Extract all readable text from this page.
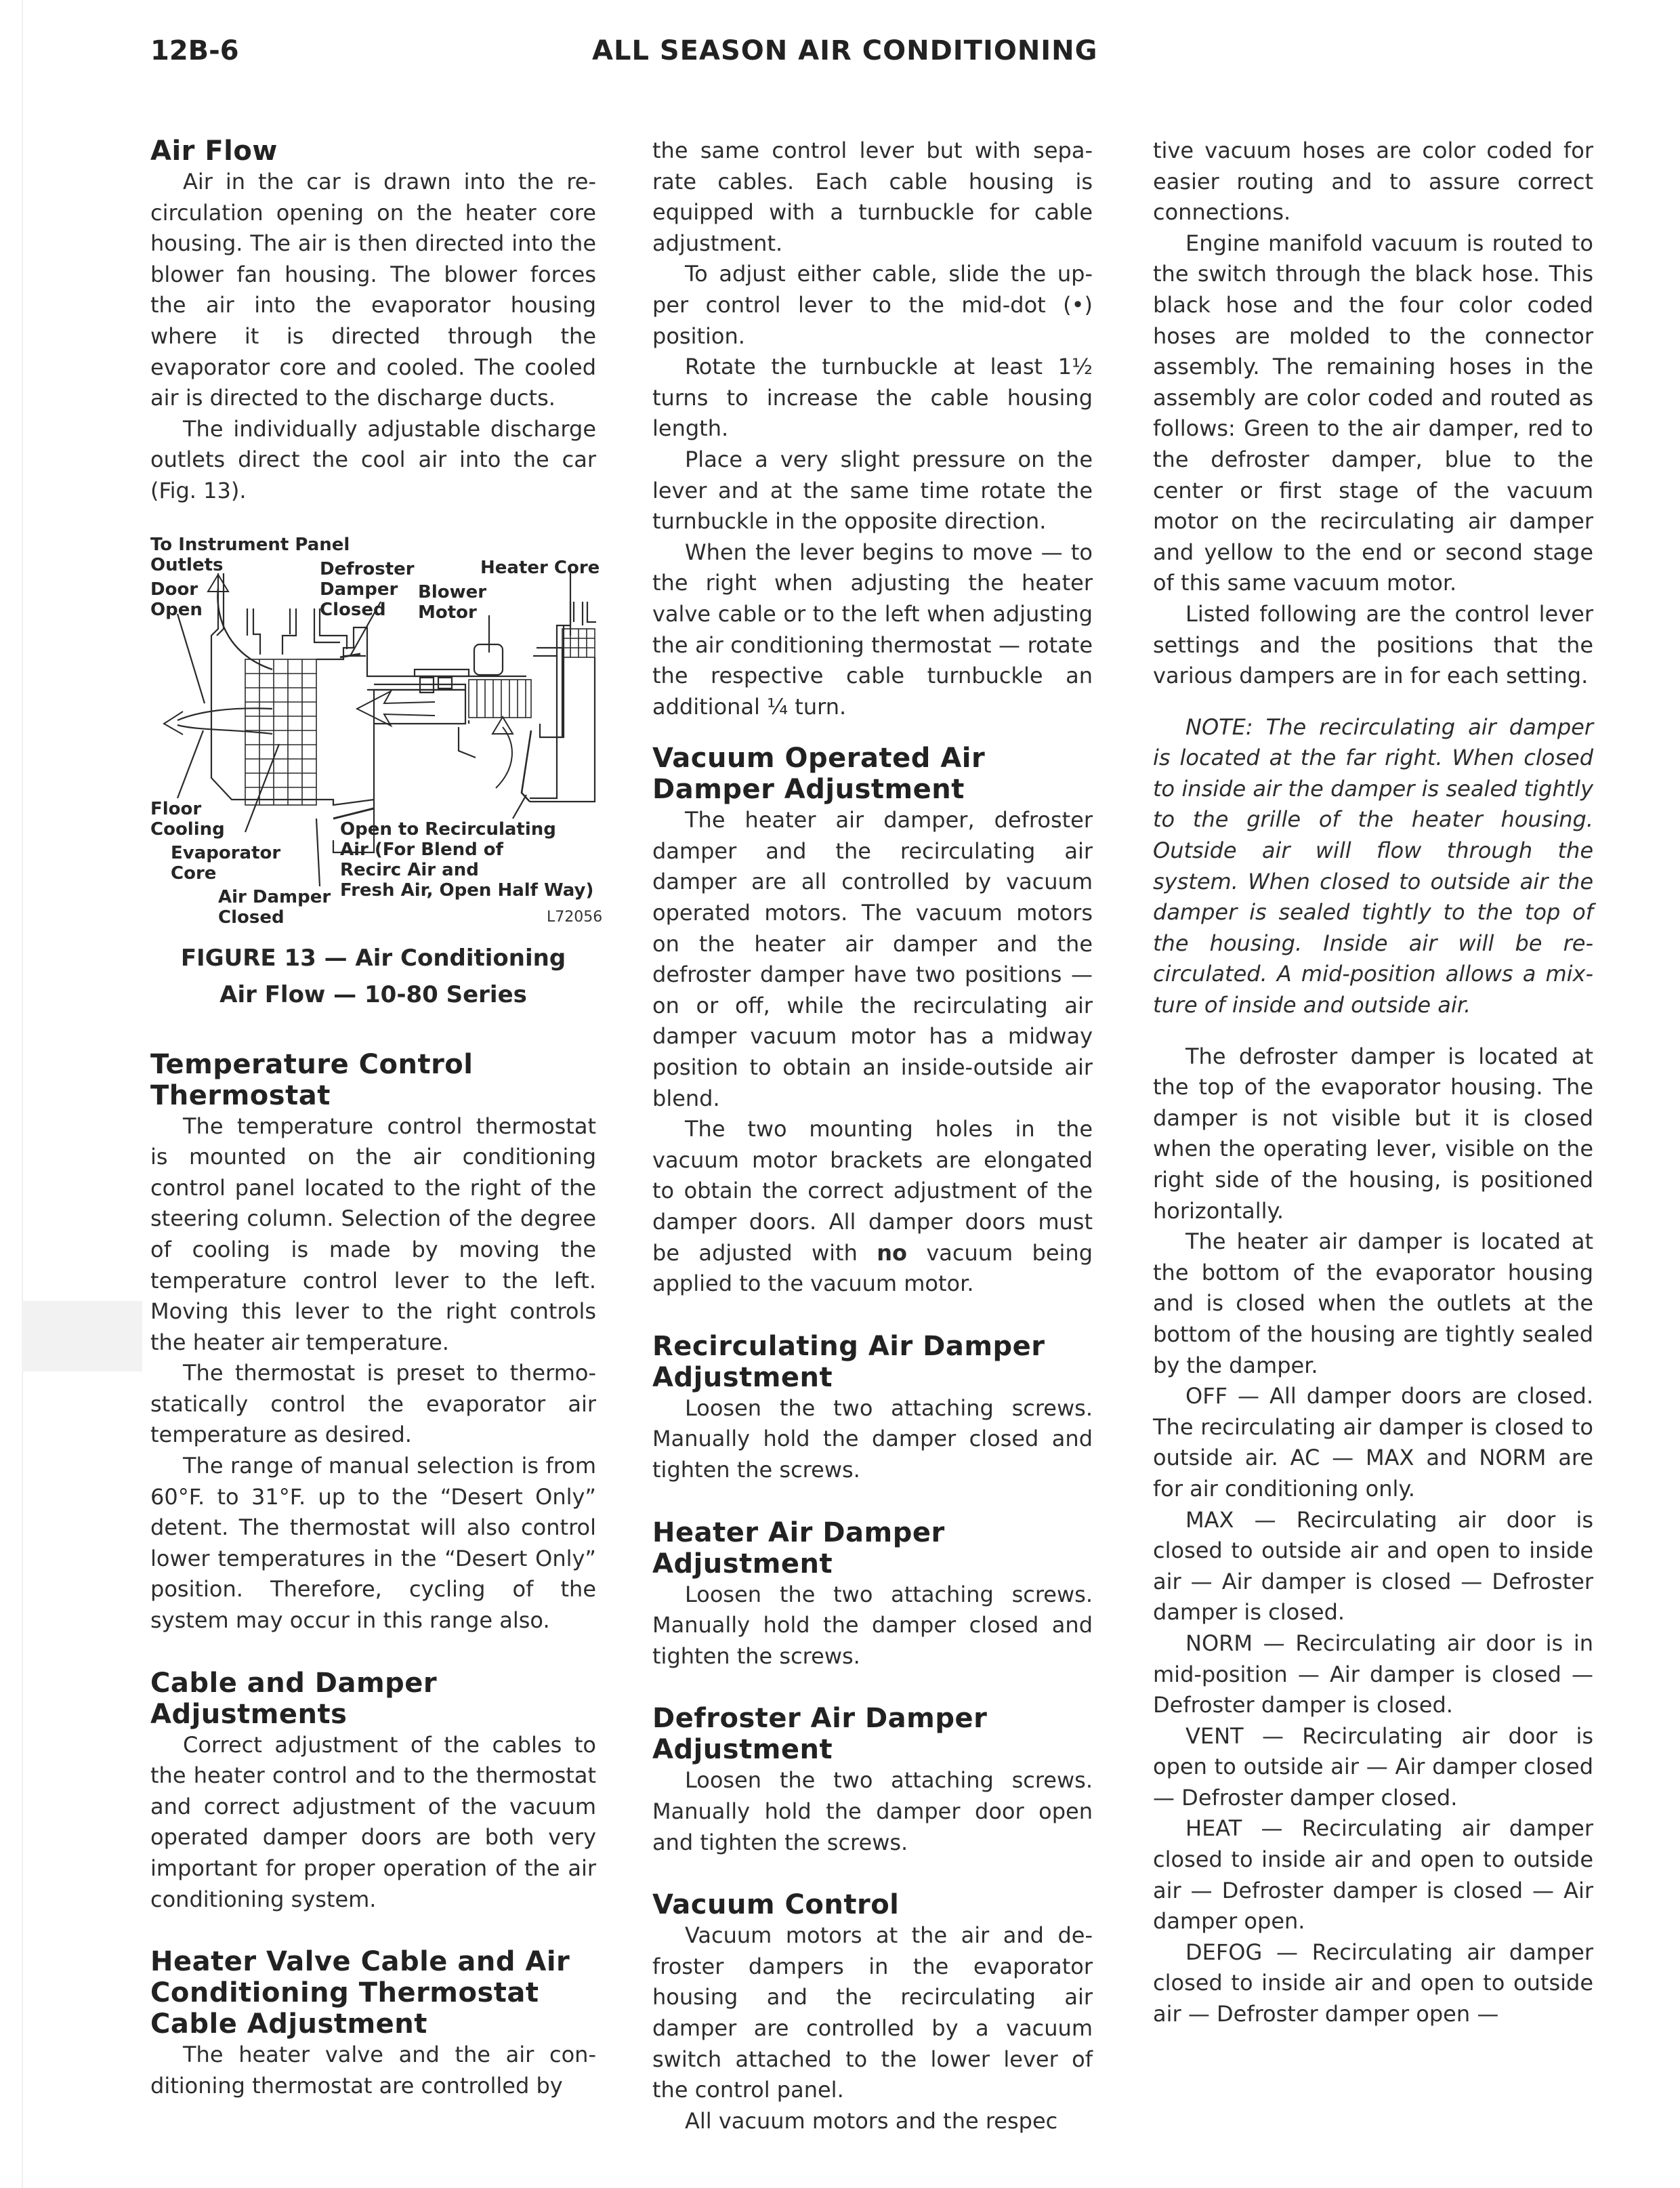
12B-6	ALL SEASON AIR CONDITIONING
Air Flow

Air in the car is drawn into the recirculation opening on the heater core housing. The air is then directed into the blower fan housing. The blower forces the air into the evaporator housing where it is directed through the evaporator core and cooled. The cooled air is directed to the discharge ducts.

The individually adjustable discharge outlets direct the cool air into the car (Fig. 13).

To Instrument Panel
Outlets	Defroster
Damper
Closed
Heater Core
Blower
Motor
Door
Open
Floor
Cooling
Evaporator
Core
Air Damper
Closed
Open to Recirculating
Air (For Blend of
Recirc Air and
Fresh Air, Open Half Way)
L72056
FIGURE 13 — Air Conditioning
Air Flow — 10-80 Series
Temperature Control Thermostat

The temperature control thermostat is mounted on the air conditioning control panel located to the right of the steering column. Selection of the degree of cooling is made by moving the temperature control lever to the left. Moving this lever to the right controls the heater air temperature.

The thermostat is preset to thermostatically control the evaporator air temperature as desired.

The range of manual selection is from 60°F. to 31°F. up to the “Desert Only” detent. The thermostat will also control lower temperatures in the “Desert Only” position. Therefore, cycling of the system may occur in this range also.

Cable and Damper Adjustments

Correct adjustment of the cables to the heater control and to the thermostat and correct adjustment of the vacuum operated damper doors are both very important for proper operation of the air conditioning system.

Heater Valve Cable and Air Conditioning Thermostat Cable Adjustment

The heater valve and the air conditioning thermostat are controlled by

the same control lever but with separate cables. Each cable housing is equipped with a turnbuckle for cable adjustment.

To adjust either cable, slide the upper control lever to the mid-dot (•) position.

Rotate the turnbuckle at least 1½ turns to increase the cable housing length.

Place a very slight pressure on the lever and at the same time rotate the turnbuckle in the opposite direction.

When the lever begins to move — to the right when adjusting the heater valve cable or to the left when adjusting the air conditioning thermostat — rotate the respective cable turnbuckle an additional ¼ turn.

Vacuum Operated Air Damper Adjustment

The heater air damper, defroster damper and the recirculating air damper are all controlled by vacuum operated motors. The vacuum motors on the heater air damper and the defroster damper have two positions — on or off, while the recirculating air damper vacuum motor has a midway position to obtain an inside-outside air blend.

The two mounting holes in the vacuum motor brackets are elongated to obtain the correct adjustment of the damper doors. All damper doors must be adjusted with no vacuum being applied to the vacuum motor.

Recirculating Air Damper Adjustment

Loosen the two attaching screws. Manually hold the damper closed and tighten the screws.

Heater Air Damper Adjustment

Loosen the two attaching screws. Manually hold the damper closed and tighten the screws.

Defroster Air Damper Adjustment

Loosen the two attaching screws. Manually hold the damper door open and tighten the screws.

Vacuum Control

Vacuum motors at the air and defroster dampers in the evaporator housing and the recirculating air damper are controlled by a vacuum switch attached to the lower lever of the control panel.

All vacuum motors and the respec

tive vacuum hoses are color coded for easier routing and to assure correct connections.

Engine manifold vacuum is routed to the switch through the black hose. This black hose and the four color coded hoses are molded to the connector assembly. The remaining hoses in the assembly are color coded and routed as follows: Green to the air damper, red to the defroster damper, blue to the center or first stage of the vacuum motor on the recirculating air damper and yellow to the end or second stage of this same vacuum motor.

Listed following are the control lever settings and the positions that the various dampers are in for each setting.

NOTE: The recirculating air damper is located at the far right. When closed to inside air the damper is sealed tightly to the grille of the heater housing. Outside air will flow through the system. When closed to outside air the damper is sealed tightly to the top of the housing. Inside air will be recirculated. A mid-position allows a mixture of inside and outside air.

The defroster damper is located at the top of the evaporator housing. The damper is not visible but it is closed when the operating lever, visible on the right side of the housing, is positioned horizontally.

The heater air damper is located at the bottom of the evaporator housing and is closed when the outlets at the bottom of the housing are tightly sealed by the damper.

OFF — All damper doors are closed. The recirculating air damper is closed to outside air. AC — MAX and NORM are for air conditioning only.

MAX — Recirculating air door is closed to outside air and open to inside air — Air damper is closed — Defroster damper is closed.

NORM — Recirculating air door is in mid-position — Air damper is closed — Defroster damper is closed.

VENT — Recirculating air door is open to outside air — Air damper closed — Defroster damper closed.

HEAT — Recirculating air damper closed to inside air and open to outside air — Defroster damper is closed — Air damper open.

DEFOG — Recirculating air damper closed to inside air and open to outside air — Defroster damper open —
